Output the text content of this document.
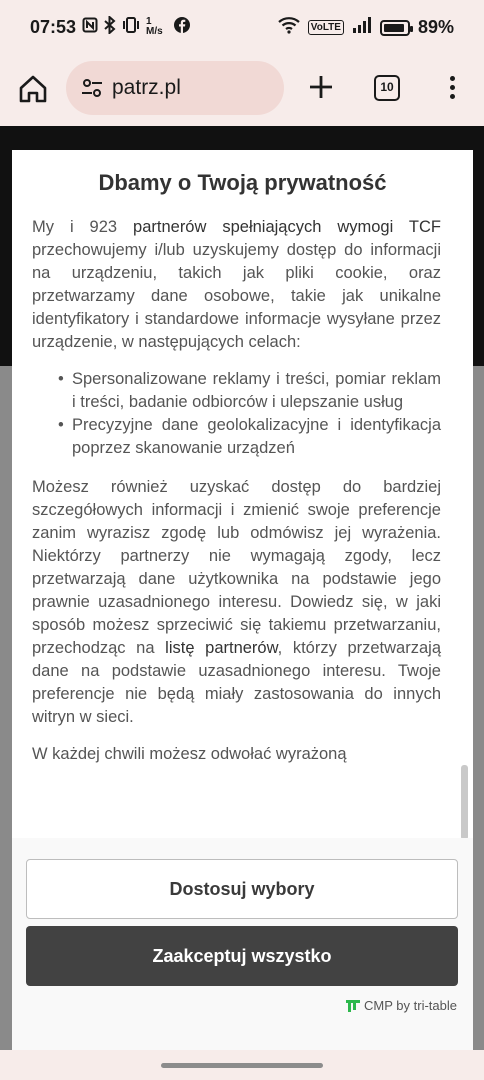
07:53	1 M/s	VoLTE	89%
patrz.pl	10
Dbamy o Twoją prywatność

My i 923 partnerów spełniających wymogi TCF przechowujemy i/lub uzyskujemy dostęp do informacji na urządzeniu, takich jak pliki cookie, oraz przetwarzamy dane osobowe, takie jak unikalne identyfikatory i standardowe informacje wysyłane przez urządzenie, w następujących celach:

• Spersonalizowane reklamy i treści, pomiar reklam i treści, badanie odbiorców i ulepszanie usług
• Precyzyjne dane geolokalizacyjne i identyfikacja poprzez skanowanie urządzeń

Możesz również uzyskać dostęp do bardziej szczegółowych informacji i zmienić swoje preferencje zanim wyrazisz zgodę lub odmówisz jej wyrażenia. Niektórzy partnerzy nie wymagają zgody, lecz przetwarzają dane użytkownika na podstawie jego prawnie uzasadnionego interesu. Dowiedz się, w jaki sposób możesz sprzeciwić się takiemu przetwarzaniu, przechodząc na listę partnerów, którzy przetwarzają dane na podstawie uzasadnionego interesu. Twoje preferencje nie będą miały zastosowania do innych witryn w sieci.

W każdej chwili możesz odwołać wyrażoną

Dostosuj wybory
Zaakceptuj wszystko
CMP by tri-table
